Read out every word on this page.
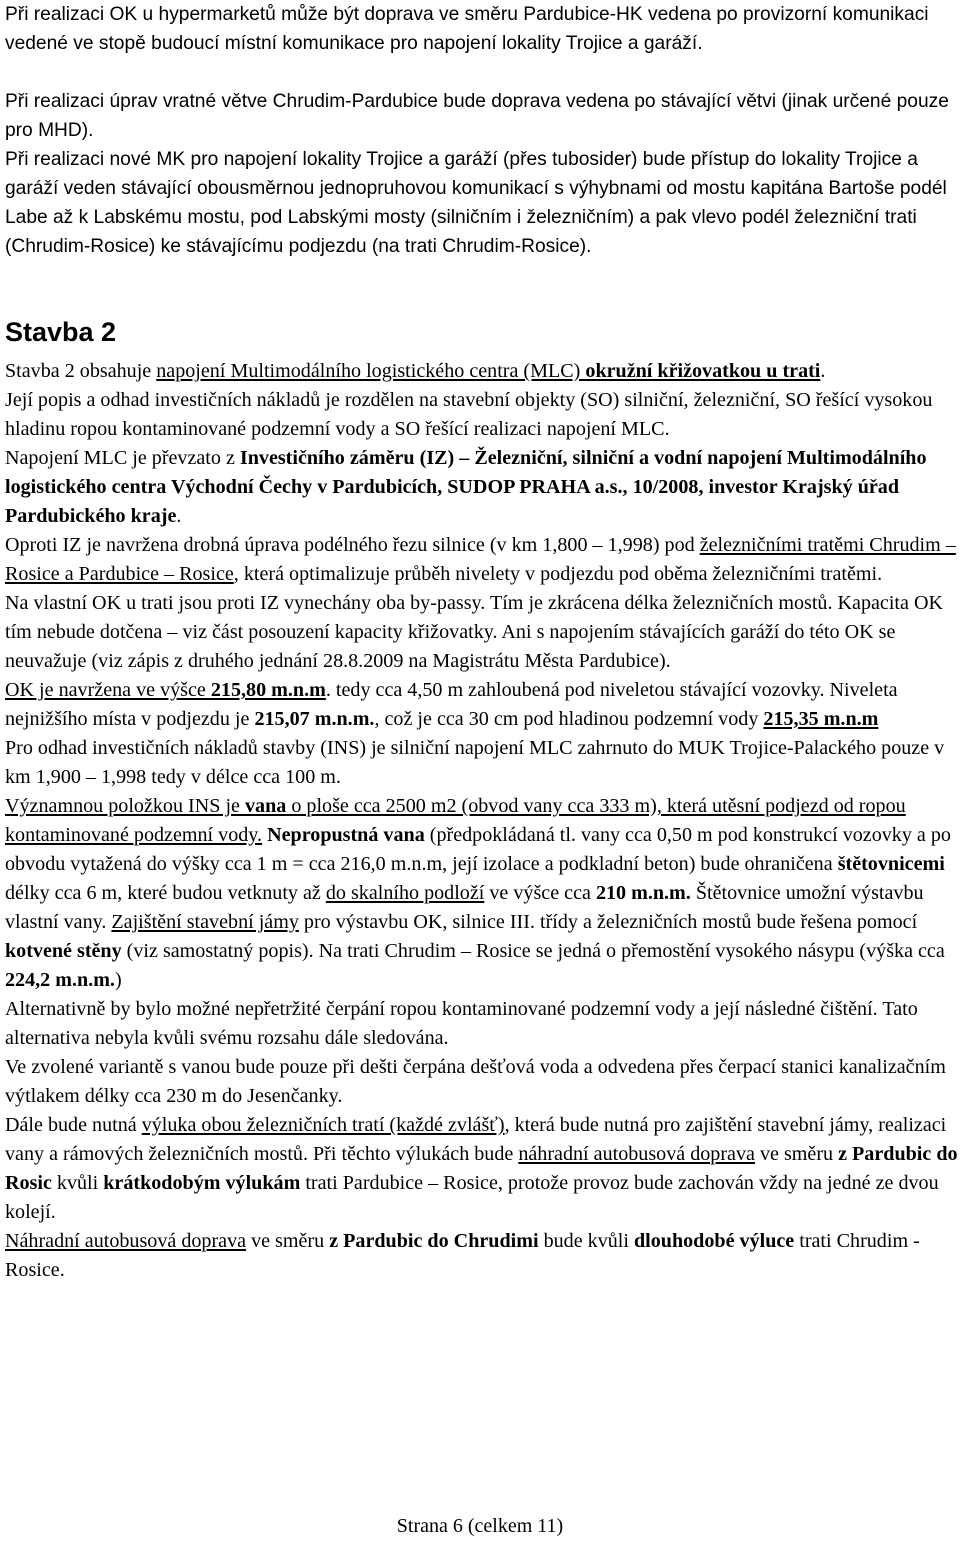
Při realizaci OK u hypermarketů může být doprava ve směru Pardubice-HK vedena po provizorní komunikaci vedené ve stopě budoucí místní komunikace pro napojení lokality Trojice a garáží.

Při realizaci úprav vratné větve Chrudim-Pardubice bude doprava vedena po stávající větvi (jinak určené pouze pro MHD).

Při realizaci nové MK pro napojení lokality Trojice a garáží (přes tubosider) bude přístup do lokality Trojice a garáží veden stávající obousměrnou jednopruhovou komunikací s výhybnami od mostu kapitána Bartoše podél Labe až k Labskému mostu, pod Labskými mosty (silničním i železničním) a pak vlevo podél železniční trati (Chrudim-Rosice) ke stávajícímu podjezdu (na trati Chrudim-Rosice).

Stavba 2

Stavba 2 obsahuje napojení Multimodálního logistického centra (MLC) okružní křižovatkou u trati.

Její popis a odhad investičních nákladů je rozdělen na stavební objekty (SO) silniční, železniční, SO řešící vysokou hladinu ropou kontaminované podzemní vody a SO řešící realizaci napojení MLC.

Napojení MLC je převzato z Investičního záměru (IZ) – Železniční, silniční a vodní napojení Multimodálního logistického centra Východní Čechy v Pardubicích, SUDOP PRAHA a.s., 10/2008, investor Krajský úřad Pardubického kraje.

Oproti IZ je navržena drobná úprava podélného řezu silnice (v km 1,800 – 1,998) pod železničními tratěmi Chrudim – Rosice a Pardubice – Rosice, která optimalizuje průběh nivelety v podjezdu pod oběma železničními tratěmi.

Na vlastní OK u trati jsou proti IZ vynechány oba by-passy. Tím je zkrácena délka železničních mostů. Kapacita OK tím nebude dotčena – viz část posouzení kapacity křižovatky. Ani s napojením stávajících garáží do této OK se neuvažuje (viz zápis z druhého jednání 28.8.2009 na Magistrátu Města Pardubice).

OK je navržena ve výšce 215,80 m.n.m. tedy cca 4,50 m zahloubená pod niveletou stávající vozovky. Niveleta nejnižšího místa v podjezdu je 215,07 m.n.m., což je cca 30 cm pod hladinou podzemní vody 215,35 m.n.m

Pro odhad investičních nákladů stavby (INS) je silniční napojení MLC zahrnuto do MUK Trojice-Palackého pouze v km 1,900 – 1,998 tedy v délce cca 100 m.

Významnou položkou INS je vana o ploše cca 2500 m2 (obvod vany cca 333 m), která utěsní podjezd od ropou kontaminované podzemní vody. Nepropustná vana (předpokládaná tl. vany cca 0,50 m pod konstrukcí vozovky a po obvodu vytažená do výšky cca 1 m = cca 216,0 m.n.m, její izolace a podkladní beton) bude ohraničena štětovnicemi délky cca 6 m, které budou vetknuty až do skalního podloží ve výšce cca 210 m.n.m. Štětovnice umožní výstavbu vlastní vany. Zajištění stavební jámy pro výstavbu OK, silnice III. třídy a železničních mostů bude řešena pomocí kotvené stěny (viz samostatný popis). Na trati Chrudim – Rosice se jedná o přemostění vysokého násypu (výška cca 224,2 m.n.m.)

Alternativně by bylo možné nepřetržité čerpání ropou kontaminované podzemní vody a její následné čištění. Tato alternativa nebyla kvůli svému rozsahu dále sledována.

Ve zvolené variantě s vanou bude pouze při dešti čerpána dešťová voda a odvedena přes čerpací stanici kanalizačním výtlakem délky cca 230 m do Jesenčanky.

Dále bude nutná výluka obou železničních tratí (každé zvlášť), která bude nutná pro zajištění stavební jámy, realizaci vany a rámových železničních mostů. Při těchto výlukách bude náhradní autobusová doprava ve směru z Pardubic do Rosic kvůli krátkodobým výlukám trati Pardubice – Rosice, protože provoz bude zachován vždy na jedné ze dvou kolejí.

Náhradní autobusová doprava ve směru z Pardubic do Chrudimi bude kvůli dlouhodobé výluce trati Chrudim - Rosice.

Strana 6 (celkem 11)
